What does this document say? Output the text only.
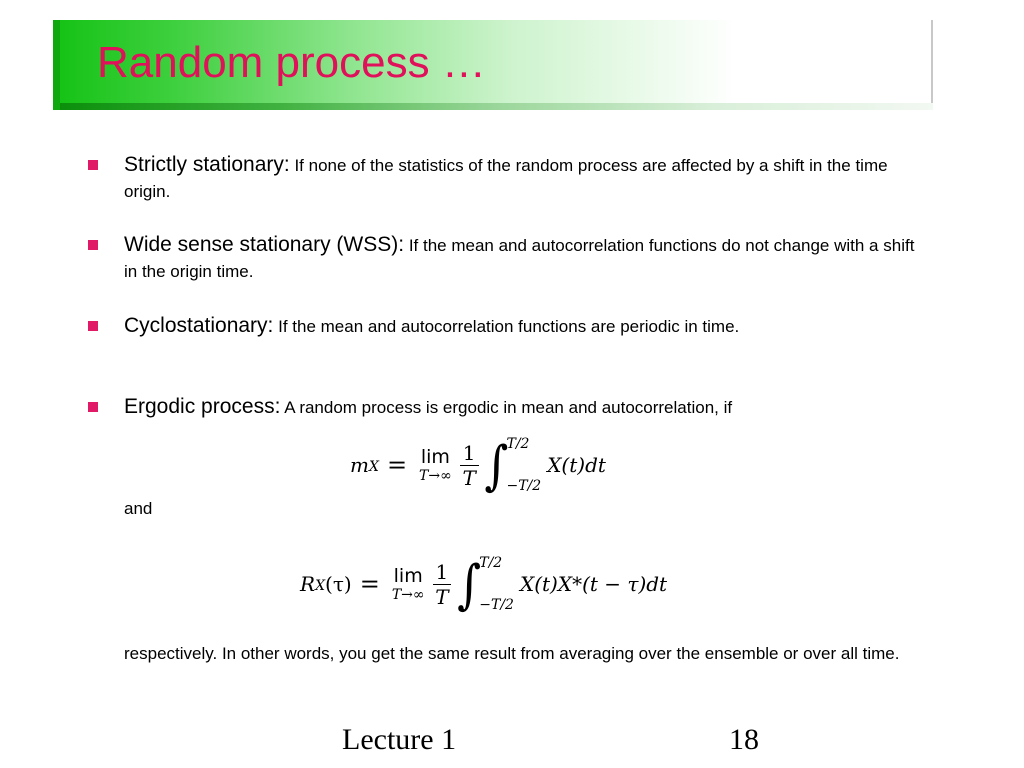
Random process …
Strictly stationary: If none of the statistics of the random process are affected by a shift in the time origin.
Wide sense stationary (WSS): If the mean and autocorrelation functions do not change with a shift in the origin time.
Cyclostationary: If the mean and autocorrelation functions are periodic in time.
Ergodic process: A random process is ergodic in mean and autocorrelation, if
m X = lim
$T\to\infty \frac{1}{T}$ ∫
T/2
−T/2
X(t)dt
and
R X (τ) = lim
$T\to\infty \frac{1}{T}$ ∫
T/2
−T/2
X(t)X*(t − τ)dt
respectively. In other words, you get the same result from averaging over the ensemble or over all time.
Lecture 1	18
